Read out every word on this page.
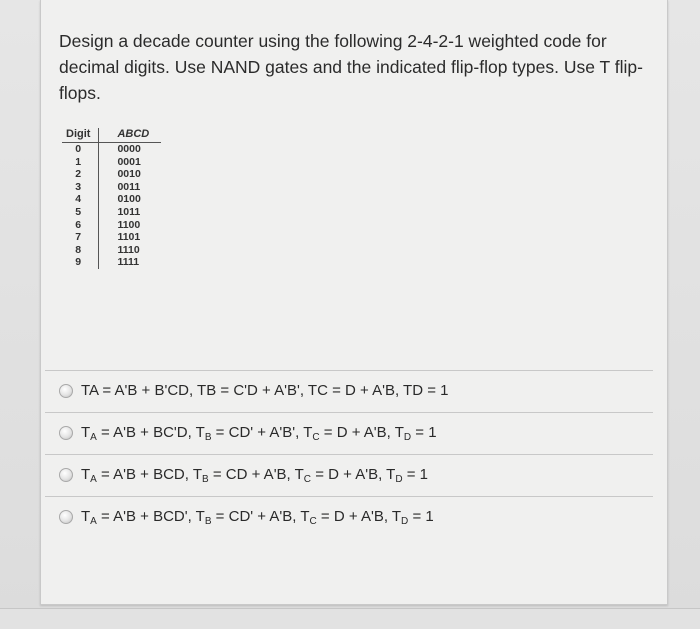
Design a decade counter using the following 2-4-2-1 weighted code for decimal digits. Use NAND gates and the indicated flip-flop types. Use T flip-flops.
Digit	ABCD
0	0000
1	0001
2	0010
3	0011
4	0100
5	1011
6	1100
7	1101
8	1110
9	1111
TA = A'B + B'CD, TB = C'D + A'B', TC = D + A'B, TD = 1
$T_A = A'B + BC'D$, $T_B = CD' + A'B'$, $T_C = D + A'B$, $T_D = 1$
$T_A = A'B$ + BCD, $T_B$ = CD + A'B, $T_C = D + A'B$, $T_D = 1$
$T_A = A'B + BCD'$, $T_B = CD' + A'B$, $T_C = D + A'B$, $T_D = 1$
